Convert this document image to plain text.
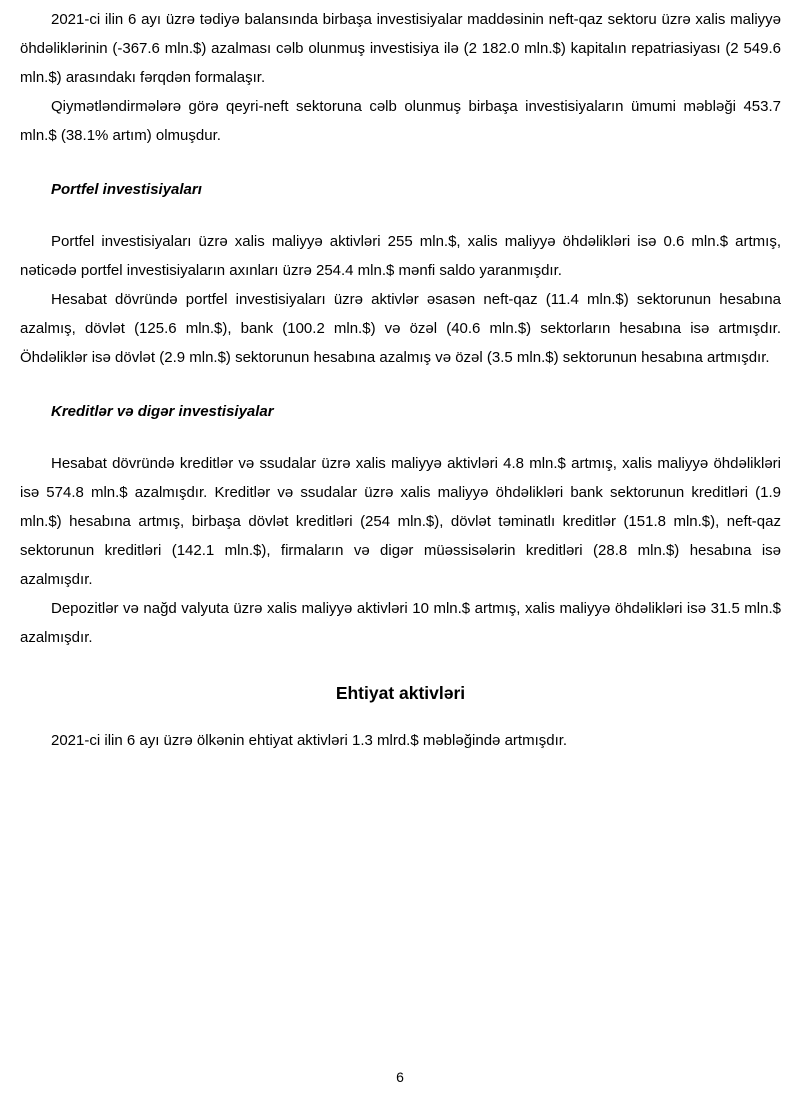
2021-ci ilin 6 ayı üzrə tədiyə balansında birbaşa investisiyalar maddəsinin neft-qaz sektoru üzrə xalis maliyyə öhdəliklərinin (-367.6 mln.$) azalması cəlb olunmuş investisiya ilə (2 182.0 mln.$) kapitalın repatriasiyası (2 549.6 mln.$) arasındakı fərqdən formalaşır.

Qiymətləndirmələrə görə qeyri-neft sektoruna cəlb olunmuş birbaşa investisiyaların ümumi məbləği 453.7 mln.$ (38.1% artım) olmuşdur.

Portfel investisiyaları

Portfel investisiyaları üzrə xalis maliyyə aktivləri 255 mln.$, xalis maliyyə öhdəlikləri isə 0.6 mln.$ artmış, nəticədə portfel investisiyaların axınları üzrə 254.4 mln.$ mənfi saldo yaranmışdır.

Hesabat dövründə portfel investisiyaları üzrə aktivlər əsasən neft-qaz (11.4 mln.$) sektorunun hesabına azalmış, dövlət (125.6 mln.$), bank (100.2 mln.$) və özəl (40.6 mln.$) sektorların hesabına isə artmışdır. Öhdəliklər isə dövlət (2.9 mln.$) sektorunun hesabına azalmış və özəl (3.5 mln.$) sektorunun hesabına artmışdır.

Kreditlər və digər investisiyalar

Hesabat dövründə kreditlər və ssudalar üzrə xalis maliyyə aktivləri 4.8 mln.$ artmış, xalis maliyyə öhdəlikləri isə 574.8 mln.$ azalmışdır. Kreditlər və ssudalar üzrə xalis maliyyə öhdəlikləri bank sektorunun kreditləri (1.9 mln.$) hesabına artmış, birbaşa dövlət kreditləri (254 mln.$), dövlət təminatlı kreditlər (151.8 mln.$), neft-qaz sektorunun kreditləri (142.1 mln.$), firmaların və digər müəssisələrin kreditləri (28.8 mln.$) hesabına isə azalmışdır.

Depozitlər və nağd valyuta üzrə xalis maliyyə aktivləri 10 mln.$ artmış, xalis maliyyə öhdəlikləri isə 31.5 mln.$ azalmışdır.

Ehtiyat aktivləri

2021-ci ilin 6 ayı üzrə ölkənin ehtiyat aktivləri 1.3 mlrd.$ məbləğində artmışdır.

6
